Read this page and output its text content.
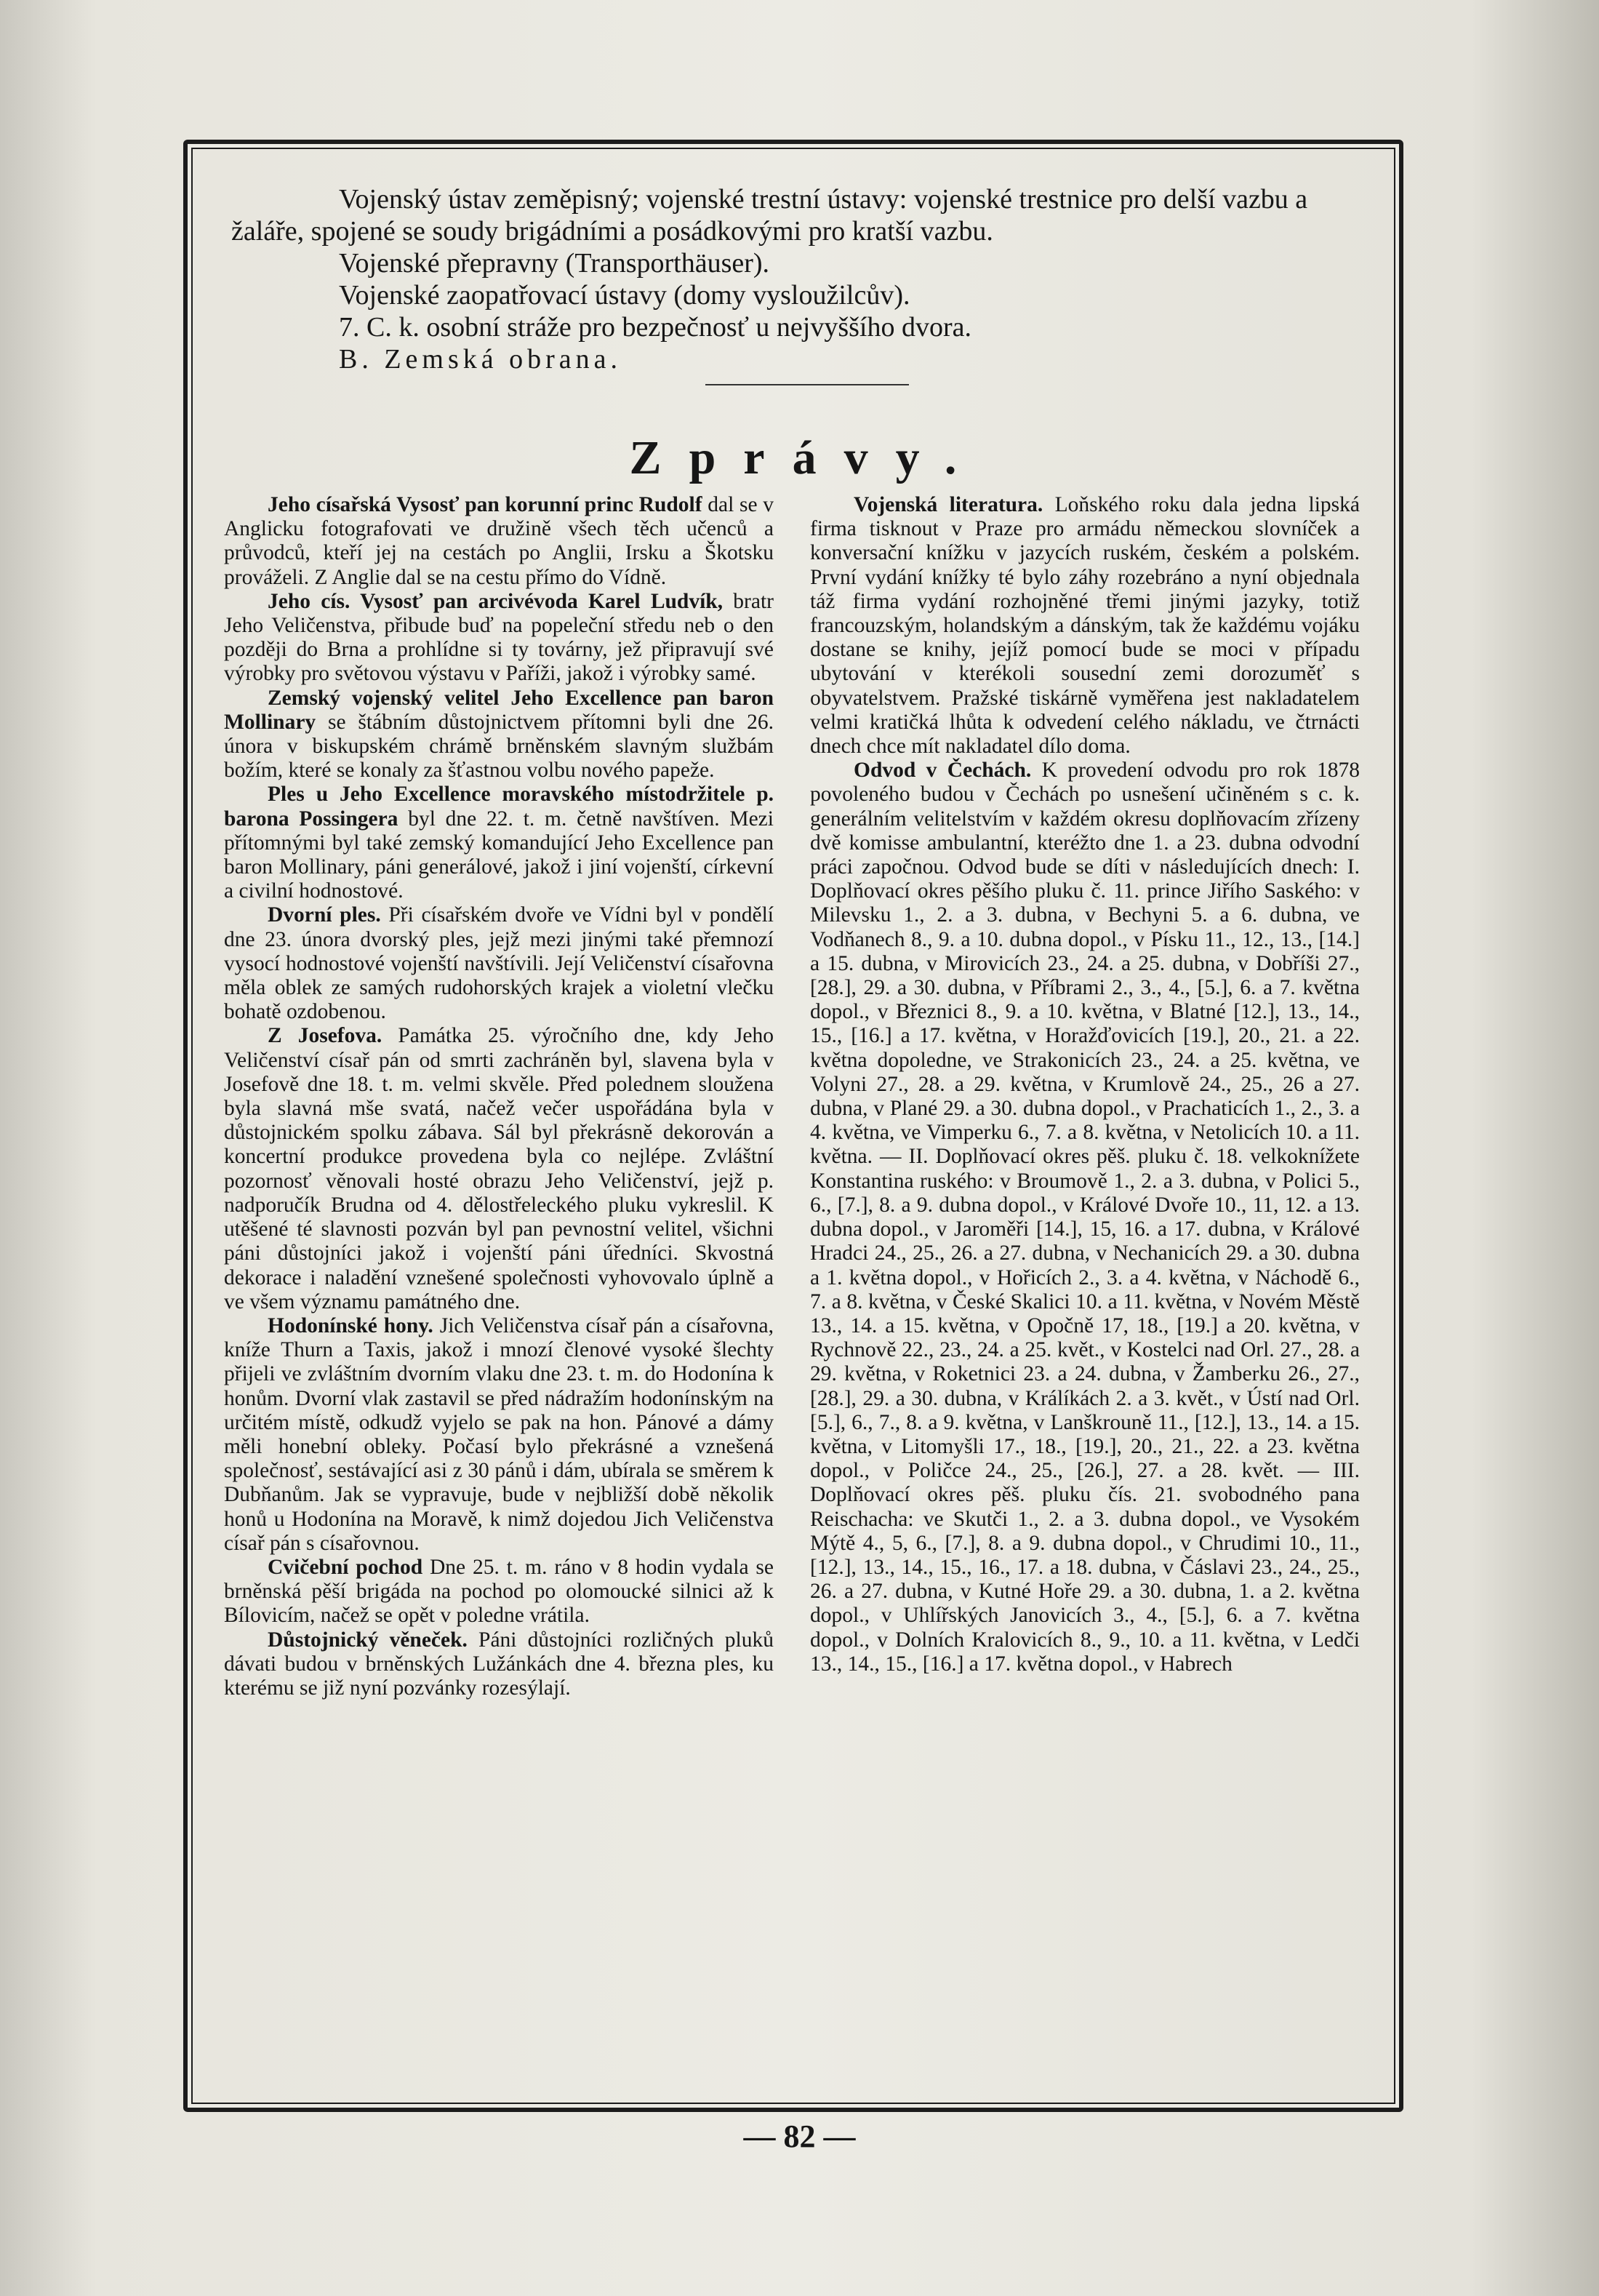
Vojenský ústav zeměpisný; vojenské trestní ústavy: vojenské trestnice pro delší vazbu a žaláře, spojené se soudy brigádními a posádkovými pro kratší vazbu.

Vojenské přepravny (Transporthäuser).

Vojenské zaopatřovací ústavy (domy vysloužilcův).

7. C. k. osobní stráže pro bezpečnosť u nejvyššího dvora.

B. Zemská obrana.

Zprávy.

Jeho císařská Vysosť pan korunní princ Rudolf dal se v Anglicku fotografovati ve družině všech těch učenců a průvodců, kteří jej na cestách po Anglii, Irsku a Škotsku prováželi. Z Anglie dal se na cestu přímo do Vídně.

Jeho cís. Vysosť pan arcivévoda Karel Ludvík, bratr Jeho Veličenstva, přibude buď na popeleční středu neb o den později do Brna a prohlídne si ty továrny, jež připravují své výrobky pro světovou výstavu v Paříži, jakož i výrobky samé.

Zemský vojenský velitel Jeho Excellence pan baron Mollinary se štábním důstojnictvem přítomni byli dne 26. února v biskupském chrámě brněnském slavným službám božím, které se konaly za šťastnou volbu nového papeže.

Ples u Jeho Excellence moravského místodržitele p. barona Possingera byl dne 22. t. m. četně navštíven. Mezi přítomnými byl také zemský komandující Jeho Excellence pan baron Mollinary, páni generálové, jakož i jiní vojenští, církevní a civilní hodnostové.

Dvorní ples. Při císařském dvoře ve Vídni byl v pondělí dne 23. února dvorský ples, jejž mezi jinými také přemnozí vysocí hodnostové vojenští navštívili. Její Veličenství císařovna měla oblek ze samých rudohorských krajek a violetní vlečku bohatě ozdobenou.

Z Josefova. Památka 25. výročního dne, kdy Jeho Veličenství císař pán od smrti zachráněn byl, slavena byla v Josefově dne 18. t. m. velmi skvěle. Před polednem sloužena byla slavná mše svatá, načež večer uspořádána byla v důstojnickém spolku zábava. Sál byl překrásně dekorován a koncertní produkce provedena byla co nejlépe. Zvláštní pozornosť věnovali hosté obrazu Jeho Veličenství, jejž p. nadporučík Brudna od 4. dělostřeleckého pluku vykreslil. K utěšené té slavnosti pozván byl pan pevnostní velitel, všichni páni důstojníci jakož i vojenští páni úředníci. Skvostná dekorace i naladění vznešené společnosti vyhovovalo úplně a ve všem významu památného dne.

Hodonínské hony. Jich Veličenstva císař pán a císařovna, kníže Thurn a Taxis, jakož i mnozí členové vysoké šlechty přijeli ve zvláštním dvorním vlaku dne 23. t. m. do Hodonína k honům. Dvorní vlak zastavil se před nádražím hodonínským na určitém místě, odkudž vyjelo se pak na hon. Pánové a dámy měli honební obleky. Počasí bylo překrásné a vznešená společnosť, sestávající asi z 30 pánů i dám, ubírala se směrem k Dubňanům. Jak se vypravuje, bude v nejbližší době několik honů u Hodonína na Moravě, k nimž dojedou Jich Veličenstva císař pán s císařovnou.

Cvičební pochod Dne 25. t. m. ráno v 8 hodin vydala se brněnská pěší brigáda na pochod po olomoucké silnici až k Bílovicím, načež se opět v poledne vrátila.

Důstojnický věneček. Páni důstojníci rozličných pluků dávati budou v brněnských Lužánkách dne 4. března ples, ku kterému se již nyní pozvánky rozesýlají.

Vojenská literatura. Loňského roku dala jedna lipská firma tisknout v Praze pro armádu německou slovníček a konversační knížku v jazycích ruském, českém a polském. První vydání knížky té bylo záhy rozebráno a nyní objednala táž firma vydání rozhojněné třemi jinými jazyky, totiž francouzským, holandským a dánským, tak že každému vojáku dostane se knihy, jejíž pomocí bude se moci v případu ubytování v kterékoli sousední zemi dorozuměť s obyvatelstvem. Pražské tiskárně vyměřena jest nakladatelem velmi kratičká lhůta k odvedení celého nákladu, ve čtrnácti dnech chce mít nakladatel dílo doma.

Odvod v Čechách. K provedení odvodu pro rok 1878 povoleného budou v Čechách po usnešení učiněném s c. k. generálním velitelstvím v každém okresu doplňovacím zřízeny dvě komisse ambulantní, kteréžto dne 1. a 23. dubna odvodní práci započnou. Odvod bude se díti v následujících dnech: I. Doplňovací okres pěšího pluku č. 11. prince Jiřího Saského: v Milevsku 1., 2. a 3. dubna, v Bechyni 5. a 6. dubna, ve Vodňanech 8., 9. a 10. dubna dopol., v Písku 11., 12., 13., [14.] a 15. dubna, v Mirovicích 23., 24. a 25. dubna, v Dobříši 27., [28.], 29. a 30. dubna, v Příbrami 2., 3., 4., [5.], 6. a 7. května dopol., v Březnici 8., 9. a 10. května, v Blatné [12.], 13., 14., 15., [16.] a 17. května, v Horažďovicích [19.], 20., 21. a 22. května dopoledne, ve Strakonicích 23., 24. a 25. května, ve Volyni 27., 28. a 29. května, v Krumlově 24., 25., 26 a 27. dubna, v Plané 29. a 30. dubna dopol., v Prachaticích 1., 2., 3. a 4. května, ve Vimperku 6., 7. a 8. května, v Netolicích 10. a 11. května. — II. Doplňovací okres pěš. pluku č. 18. velkoknížete Konstantina ruského: v Broumově 1., 2. a 3. dubna, v Polici 5., 6., [7.], 8. a 9. dubna dopol., v Králové Dvoře 10., 11, 12. a 13. dubna dopol., v Jaroměři [14.], 15, 16. a 17. dubna, v Králové Hradci 24., 25., 26. a 27. dubna, v Nechanicích 29. a 30. dubna a 1. května dopol., v Hořicích 2., 3. a 4. května, v Náchodě 6., 7. a 8. května, v České Skalici 10. a 11. května, v Novém Městě 13., 14. a 15. května, v Opočně 17, 18., [19.] a 20. května, v Rychnově 22., 23., 24. a 25. květ., v Kostelci nad Orl. 27., 28. a 29. května, v Roketnici 23. a 24. dubna, v Žamberku 26., 27., [28.], 29. a 30. dubna, v Králíkách 2. a 3. květ., v Ústí nad Orl. [5.], 6., 7., 8. a 9. května, v Lanškrouně 11., [12.], 13., 14. a 15. května, v Litomyšli 17., 18., [19.], 20., 21., 22. a 23. května dopol., v Poličce 24., 25., [26.], 27. a 28. květ. — III. Doplňovací okres pěš. pluku čís. 21. svobodného pana Reischacha: ve Skutči 1., 2. a 3. dubna dopol., ve Vysokém Mýtě 4., 5, 6., [7.], 8. a 9. dubna dopol., v Chrudimi 10., 11., [12.], 13., 14., 15., 16., 17. a 18. dubna, v Čáslavi 23., 24., 25., 26. a 27. dubna, v Kutné Hoře 29. a 30. dubna, 1. a 2. května dopol., v Uhlířských Janovicích 3., 4., [5.], 6. a 7. května dopol., v Dolních Kralovicích 8., 9., 10. a 11. května, v Ledči 13., 14., 15., [16.] a 17. května dopol., v Habrech

— 82 —
